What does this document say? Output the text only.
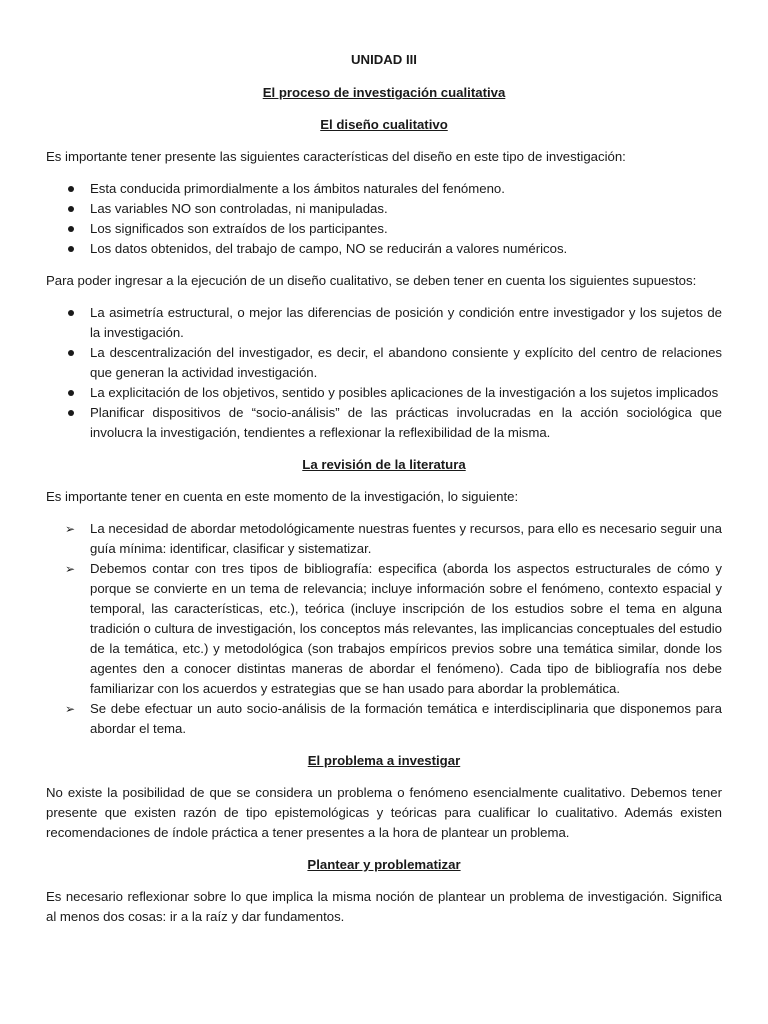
UNIDAD III
El proceso de investigación cualitativa
El diseño cualitativo

Es importante tener presente las siguientes características del diseño en este tipo de investigación:

Esta conducida primordialmente a los ámbitos naturales del fenómeno.
Las variables NO son controladas, ni manipuladas.
Los significados son extraídos de los participantes.
Los datos obtenidos, del trabajo de campo, NO se reducirán a valores numéricos.

Para poder ingresar a la ejecución de un diseño cualitativo, se deben tener en cuenta los siguientes supuestos:

La asimetría estructural, o mejor las diferencias de posición y condición entre investigador y los sujetos de la investigación.
La descentralización del investigador, es decir, el abandono consiente y explícito del centro de relaciones que generan la actividad investigación.
La explicitación de los objetivos, sentido y posibles aplicaciones de la investigación a los sujetos implicados
Planificar dispositivos de “socio-análisis” de las prácticas involucradas en la acción sociológica que involucra la investigación, tendientes a reflexionar la reflexibilidad de la misma.
La revisión de la literatura

Es importante tener en cuenta en este momento de la investigación, lo siguiente:

➢ La necesidad de abordar metodológicamente nuestras fuentes y recursos, para ello es necesario seguir una guía mínima: identificar, clasificar y sistematizar.
➢ Debemos contar con tres tipos de bibliografía: especifica (aborda los aspectos estructurales de cómo y porque se convierte en un tema de relevancia; incluye información sobre el fenómeno, contexto espacial y temporal, las características, etc.), teórica (incluye inscripción de los estudios sobre el tema en alguna tradición o cultura de investigación, los conceptos más relevantes, las implicancias conceptuales del estudio de la temática, etc.) y metodológica (son trabajos empíricos previos sobre una temática similar, donde los agentes den a conocer distintas maneras de abordar el fenómeno). Cada tipo de bibliografía nos debe familiarizar con los acuerdos y estrategias que se han usado para abordar la problemática.
➢ Se debe efectuar un auto socio-análisis de la formación temática e interdisciplinaria que disponemos para abordar el tema.
El problema a investigar

No existe la posibilidad de que se considera un problema o fenómeno esencialmente cualitativo. Debemos tener presente que existen razón de tipo epistemológicas y teóricas para cualificar lo cualitativo. Además existen recomendaciones de índole práctica a tener presentes a la hora de plantear un problema.

Plantear y problematizar

Es necesario reflexionar sobre lo que implica la misma noción de plantear un problema de investigación. Significa al menos dos cosas: ir a la raíz y dar fundamentos.
